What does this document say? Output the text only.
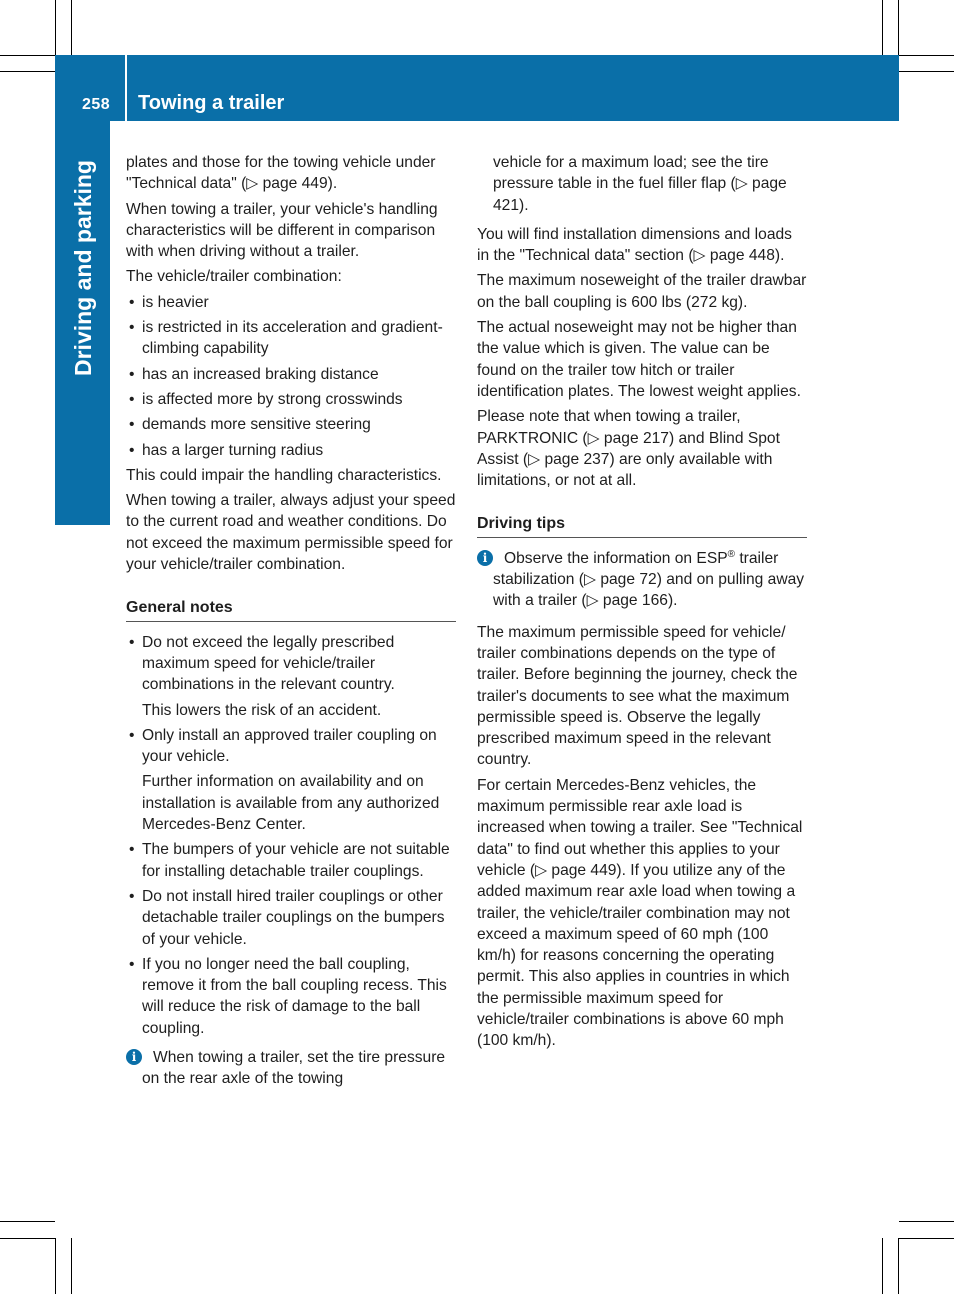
258 Towing a trailer
Driving and parking plates and those for the towing vehicle under "Technical data" (▷ page 449).

When towing a trailer, your vehicle's handling characteristics will be different in comparison with when driving without a trailer.

The vehicle/trailer combination:

• is heavier
• is restricted in its acceleration and gradient-climbing capability
• has an increased braking distance
• is affected more by strong crosswinds
• demands more sensitive steering
• has a larger turning radius

This could impair the handling characteristics.

When towing a trailer, always adjust your speed to the current road and weather conditions. Do not exceed the maximum permissible speed for your vehicle/trailer combination.

General notes
• Do not exceed the legally prescribed maximum speed for vehicle/trailer combinations in the relevant country.
This lowers the risk of an accident.
• Only install an approved trailer coupling on your vehicle.
Further information on availability and on installation is available from any authorized Mercedes-Benz Center.
• The bumpers of your vehicle are not suitable for installing detachable trailer couplings.
• Do not install hired trailer couplings or other detachable trailer couplings on the bumpers of your vehicle.
• If you no longer need the ball coupling, remove it from the ball coupling recess. This will reduce the risk of damage to the ball coupling.
i	When towing a trailer, set the tire pressure on the rear axle of the towing

vehicle for a maximum load; see the tire pressure table in the fuel filler flap (▷ page 421).

You will find installation dimensions and loads in the "Technical data" section (▷ page 448).

The maximum noseweight of the trailer drawbar on the ball coupling is 600 lbs (272 kg).

The actual noseweight may not be higher than the value which is given. The value can be found on the trailer tow hitch or trailer identification plates. The lowest weight applies.

Please note that when towing a trailer, PARKTRONIC (▷ page 217) and Blind Spot Assist (▷ page 237) are only available with limitations, or not at all.

Driving tips
i	Observe the information on ESP® trailer stabilization (▷ page 72) and on pulling away with a trailer (▷ page 166).

The maximum permissible speed for vehicle/ trailer combinations depends on the type of trailer. Before beginning the journey, check the trailer's documents to see what the maximum permissible speed is. Observe the legally prescribed maximum speed in the relevant country.

For certain Mercedes-Benz vehicles, the maximum permissible rear axle load is increased when towing a trailer. See "Technical data" to find out whether this applies to your vehicle (▷ page 449). If you utilize any of the added maximum rear axle load when towing a trailer, the vehicle/trailer combination may not exceed a maximum speed of 60 mph (100 km/h) for reasons concerning the operating permit. This also applies in countries in which the permissible maximum speed for vehicle/trailer combinations is above 60 mph (100 km/h).
